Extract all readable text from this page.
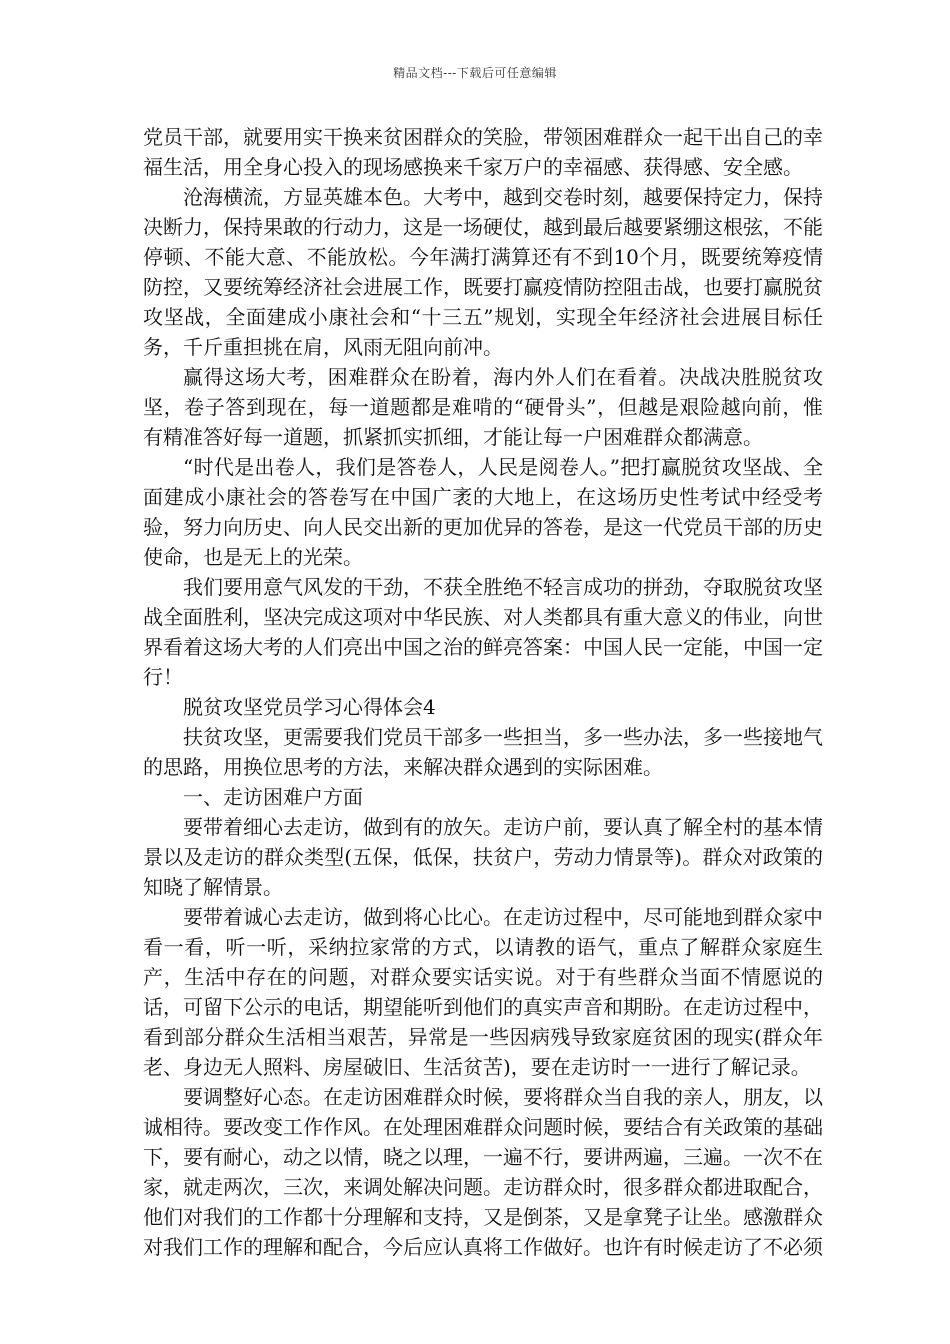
精品文档---下载后可任意编辑

党员干部，就要用实干换来贫困群众的笑脸，带领困难群众一起干出自己的幸福生活，用全身心投入的现场感换来千家万户的幸福感、获得感、安全感。

沧海横流，方显英雄本色。大考中，越到交卷时刻，越要保持定力，保持决断力，保持果敢的行动力，这是一场硬仗，越到最后越要紧绷这根弦，不能停顿、不能大意、不能放松。今年满打满算还有不到10个月，既要统筹疫情防控，又要统筹经济社会进展工作，既要打赢疫情防控阻击战，也要打赢脱贫攻坚战，全面建成小康社会和“十三五”规划，实现全年经济社会进展目标任务，千斤重担挑在肩，风雨无阻向前冲。

赢得这场大考，困难群众在盼着，海内外人们在看着。决战决胜脱贫攻坚，卷子答到现在，每一道题都是难啃的“硬骨头”，但越是艰险越向前，惟有精准答好每一道题，抓紧抓实抓细，才能让每一户困难群众都满意。

“时代是出卷人，我们是答卷人，人民是阅卷人。”把打赢脱贫攻坚战、全面建成小康社会的答卷写在中国广袤的大地上，在这场历史性考试中经受考验，努力向历史、向人民交出新的更加优异的答卷，是这一代党员干部的历史使命，也是无上的光荣。

我们要用意气风发的干劲，不获全胜绝不轻言成功的拼劲，夺取脱贫攻坚战全面胜利，坚决完成这项对中华民族、对人类都具有重大意义的伟业，向世界看着这场大考的人们亮出中国之治的鲜亮答案：中国人民一定能，中国一定行！

脱贫攻坚党员学习心得体会4

扶贫攻坚，更需要我们党员干部多一些担当，多一些办法，多一些接地气的思路，用换位思考的方法，来解决群众遇到的实际困难。

一、走访困难户方面

要带着细心去走访，做到有的放矢。走访户前，要认真了解全村的基本情景以及走访的群众类型(五保，低保，扶贫户，劳动力情景等)。群众对政策的知晓了解情景。

要带着诚心去走访，做到将心比心。在走访过程中，尽可能地到群众家中看一看，听一听，采纳拉家常的方式，以请教的语气，重点了解群众家庭生产，生活中存在的问题，对群众要实话实说。对于有些群众当面不情愿说的话，可留下公示的电话，期望能听到他们的真实声音和期盼。在走访过程中，看到部分群众生活相当艰苦，异常是一些因病残导致家庭贫困的现实(群众年老、身边无人照料、房屋破旧、生活贫苦)，要在走访时一一进行了解记录。

要调整好心态。在走访困难群众时候，要将群众当自我的亲人，朋友，以诚相待。要改变工作作风。在处理困难群众问题时候，要结合有关政策的基础下，要有耐心，动之以情，晓之以理，一遍不行，要讲两遍，三遍。一次不在家，就走两次，三次，来调处解决问题。走访群众时，很多群众都进取配合，他们对我们的工作都十分理解和支持，又是倒茶，又是拿凳子让坐。感激群众对我们工作的理解和配合，今后应认真将工作做好。也许有时候走访了不必须
